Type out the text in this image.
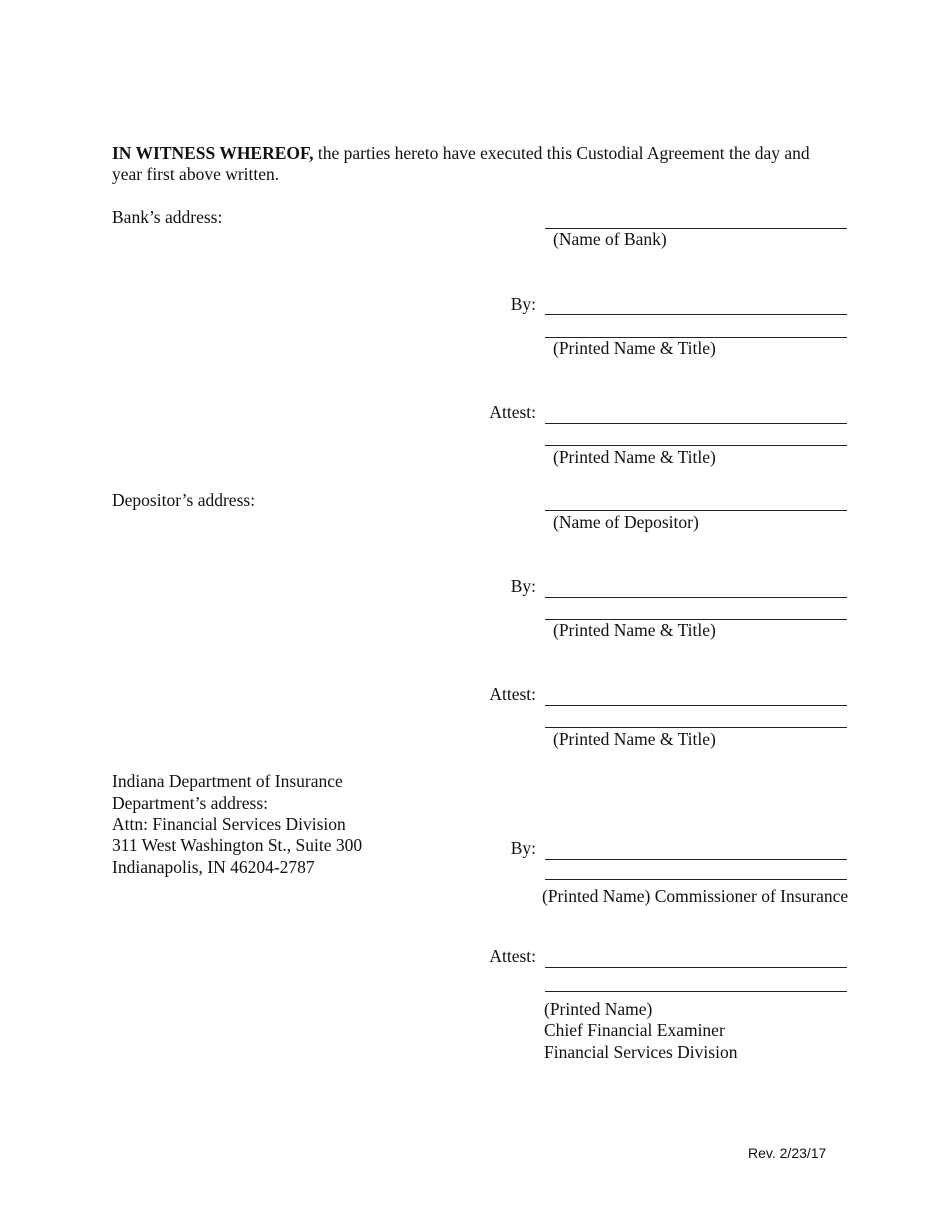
IN WITNESS WHEREOF, the parties hereto have executed this Custodial Agreement the day and year first above written.
Bank’s address:
(Name of Bank)
By:
(Printed Name & Title)
Attest:
(Printed Name & Title)
Depositor’s address:
(Name of Depositor)
By:
(Printed Name & Title)
Attest:
(Printed Name & Title)
Indiana Department of Insurance
Department’s address:
Attn: Financial Services Division
311 West Washington St., Suite 300
Indianapolis, IN 46204-2787
By:
(Printed Name) Commissioner of Insurance
Attest:
(Printed Name)
Chief Financial Examiner
Financial Services Division
Rev. 2/23/17
